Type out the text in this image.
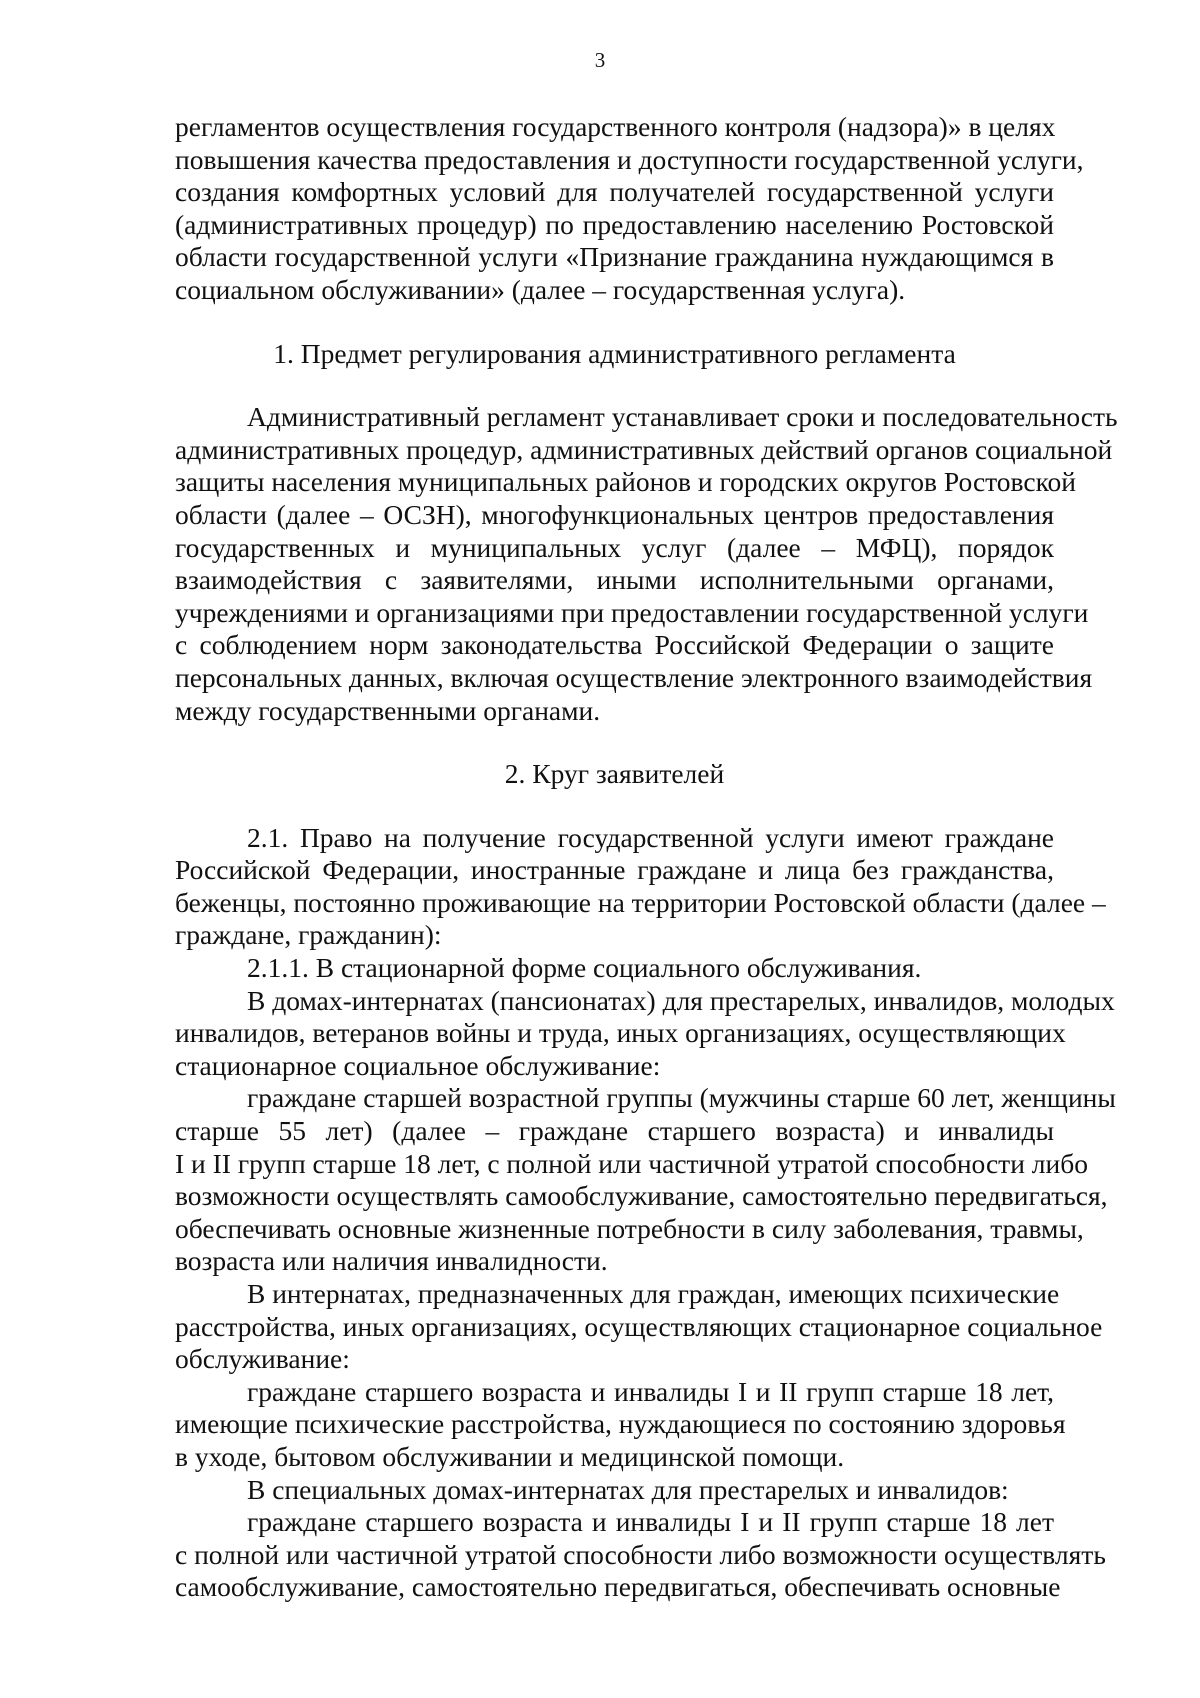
3
регламентов осуществления государственного контроля (надзора)» в целях
повышения качества предоставления и доступности государственной услуги,
создания комфортных условий для получателей государственной услуги
(административных процедур) по предоставлению населению Ростовской
области государственной услуги «Признание гражданина нуждающимся в
социальном обслуживании» (далее – государственная услуга).
1. Предмет регулирования административного регламента
Административный регламент устанавливает сроки и последовательность
административных процедур, административных действий органов социальной
защиты населения муниципальных районов и городских округов Ростовской
области (далее – ОСЗН), многофункциональных центров предоставления
государственных и муниципальных услуг (далее – МФЦ), порядок
взаимодействия с заявителями, иными исполнительными органами,
учреждениями и организациями при предоставлении государственной услуги
с соблюдением норм законодательства Российской Федерации о защите
персональных данных, включая осуществление электронного взаимодействия
между государственными органами.
2. Круг заявителей
2.1. Право на получение государственной услуги имеют граждане
Российской Федерации, иностранные граждане и лица без гражданства,
беженцы, постоянно проживающие на территории Ростовской области (далее –
граждане, гражданин):
2.1.1. В стационарной форме социального обслуживания.
В домах-интернатах (пансионатах) для престарелых, инвалидов, молодых
инвалидов, ветеранов войны и труда, иных организациях, осуществляющих
стационарное социальное обслуживание:
граждане старшей возрастной группы (мужчины старше 60 лет, женщины
старше 55 лет) (далее – граждане старшего возраста) и инвалиды
I и II групп старше 18 лет, с полной или частичной утратой способности либо
возможности осуществлять самообслуживание, самостоятельно передвигаться,
обеспечивать основные жизненные потребности в силу заболевания, травмы,
возраста или наличия инвалидности.
В интернатах, предназначенных для граждан, имеющих психические
расстройства, иных организациях, осуществляющих стационарное социальное
обслуживание:
граждане старшего возраста и инвалиды I и II групп старше 18 лет,
имеющие психические расстройства, нуждающиеся по состоянию здоровья
в уходе, бытовом обслуживании и медицинской помощи.
В специальных домах-интернатах для престарелых и инвалидов:
граждане старшего возраста и инвалиды I и II групп старше 18 лет
с полной или частичной утратой способности либо возможности осуществлять
самообслуживание, самостоятельно передвигаться, обеспечивать основные
